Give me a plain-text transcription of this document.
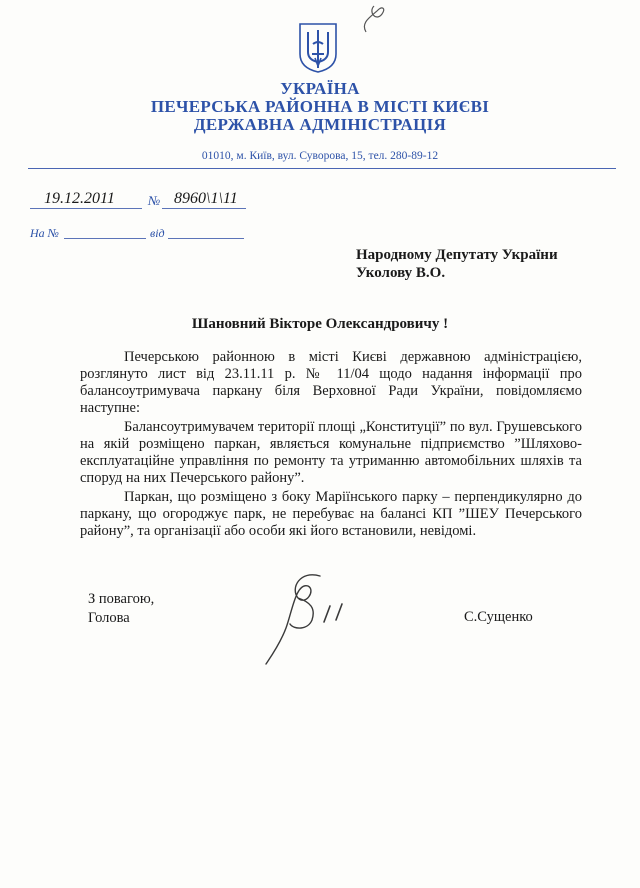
УКРАЇНА
ПЕЧЕРСЬКА РАЙОННА В МІСТІ КИЄВІ
ДЕРЖАВНА АДМІНІСТРАЦІЯ
01010, м. Київ, вул. Суворова, 15, тел. 280-89-12
19.12.2011	№ 8960\1\11
На №	від
Народному Депутату України
Уколову В.О.
Шановний Вікторе Олександровичу !
Печерською районною в місті Києві державною адміністрацією, розглянуто лист від 23.11.11 р. № 11/04 щодо надання інформації про балансоутримувача паркану біля Верховної Ради України, повідомляємо наступне:
Балансоутримувачем території площі „Конституції” по вул. Грушевського на якій розміщено паркан, являється комунальне підприємство ”Шляхово-експлуатаційне управління по ремонту та утриманню автомобільних шляхів та споруд на них Печерського району”.
Паркан, що розміщено з боку Маріїнського парку – перпендикулярно до паркану, що огороджує парк, не перебуває на балансі КП ”ШЕУ Печерського району”, та організації або особи які його встановили, невідомі.
З повагою,
Голова	С.Сущенко
